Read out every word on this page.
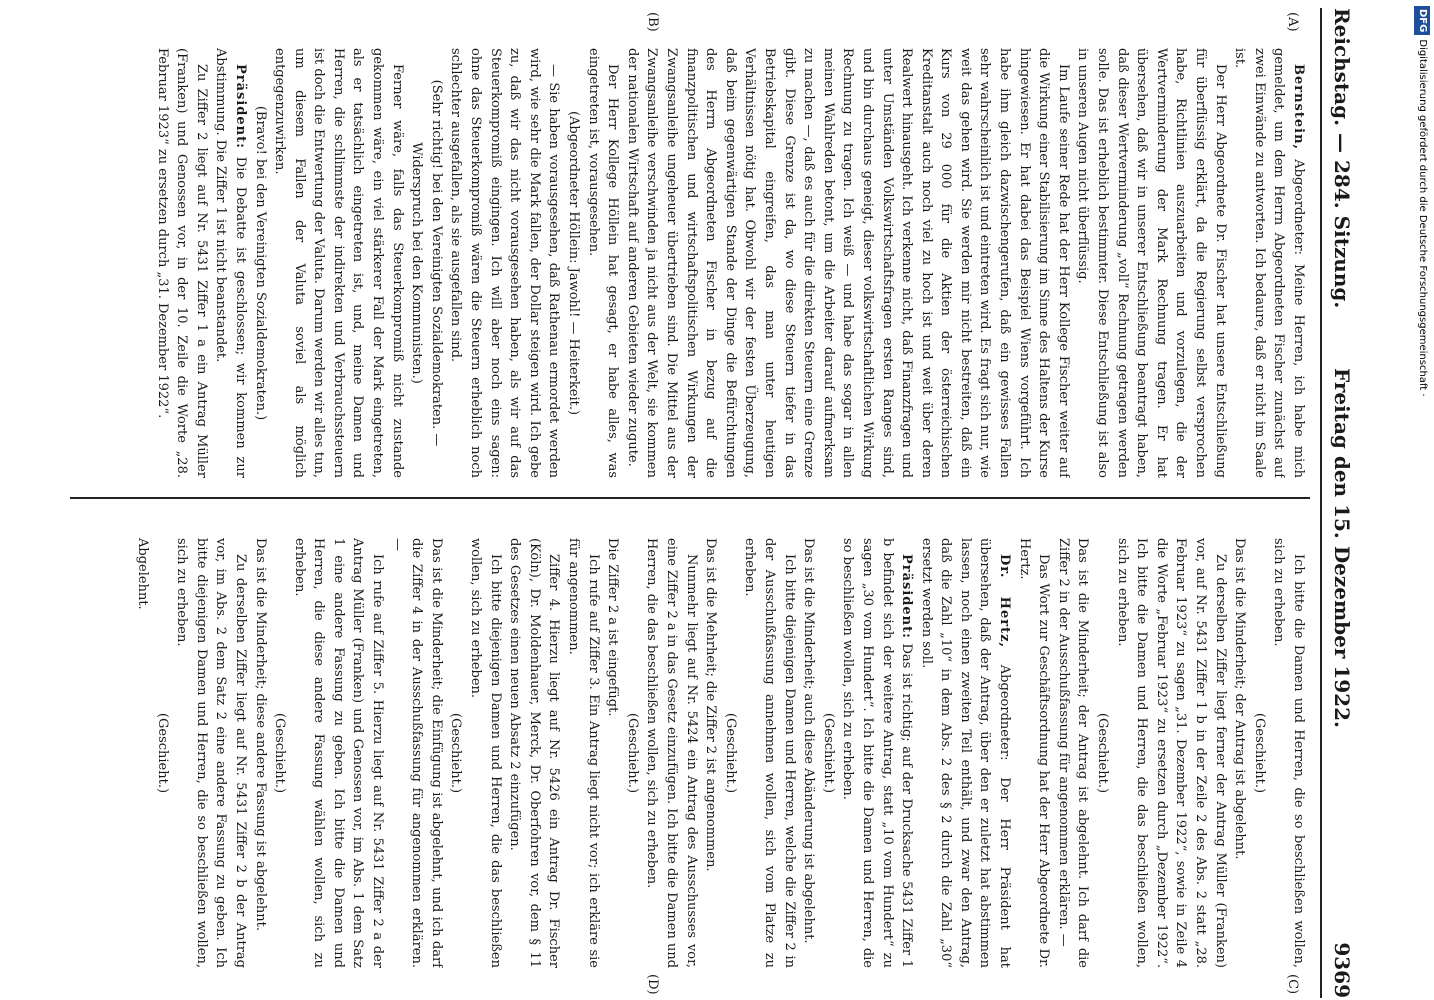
Reichstag. — 284. Sitzung.
Freitag den 15. Dezember 1922.
9369

Bernstein, Abgeordneter: Meine Herren, ich habe mich gemeldet, um dem Herrn Abgeordneten Fischer zunächst auf zwei Einwände zu antworten. Ich bedaure, daß er nicht im Saale ist.

Der Herr Abgeordnete Dr. Fischer hat unsere Entschließung für überflüssig erklärt, da die Regierung selbst versprochen habe, Richtlinien auszuarbeiten und vorzulegen, die der Wertverminderung der Mark Rechnung tragen. Er hat übersehen, daß wir in unserer Entschließung beantragt haben, daß dieser Wertverminderung „voll“ Rechnung getragen werden solle. Das ist erheblich bestimmter. Diese Entschließung ist also in unseren Augen nicht überflüssig.

Im Laufe seiner Rede hat der Herr Kollege Fischer weiter auf die Wirkung einer Stabilisierung im Sinne des Haltens der Kurse hingewiesen. Er hat dabei das Beispiel Wiens vorgeführt. Ich habe ihm gleich dazwischengerufen, daß ein gewisses Fallen sehr wahrscheinlich ist und eintreten wird. Es fragt sich nur, wie weit das gehen wird. Sie werden mir nicht bestreiten, daß ein Kurs von 29 000 für die Aktien der österreichischen Kreditanstalt auch noch viel zu hoch ist und weit über deren Realwert hinausgeht. Ich verkenne nicht, daß Finanzfragen und unter Umständen Volkswirtschaftsfragen ersten Ranges sind, und bin durchaus geneigt, dieser volkswirtschaftlichen Wirkung Rechnung zu tragen. Ich weiß — und habe das sogar in allen meinen Wahlreden betont, um die Arbeiter darauf aufmerksam zu machen —, daß es auch für die direkten Steuern eine Grenze gibt. Diese Grenze ist da, wo diese Steuern tiefer in das Betriebskapital eingreifen, das man unter heutigen Verhältnissen nötig hat. Obwohl wir der festen Überzeugung, daß beim gegenwärtigen Stande der Dinge die Befürchtungen des Herrn Abgeordneten Fischer in bezug auf die finanzpolitischen und wirtschaftspolitischen Wirkungen der Zwangsanleihe ungeheuer übertrieben sind. Die Mittel aus der Zwangsanleihe verschwinden ja nicht aus der Welt, sie kommen der nationalen Wirtschaft auf anderen Gebieten wieder zugute.

Der Herr Kollege Höllein hat gesagt, er habe alles, was eingetreten ist, vorausgesehen.

(Abgeordneter Höllein: Jawohl! — Heiterkeit.)

— Sie haben vorausgesehen, daß Rathenau ermordet werden wird, wie sehr die Mark fallen, der Dollar steigen wird. Ich gebe zu, daß wir das nicht vorausgesehen haben, als wir auf das Steuerkompromiß eingingen. Ich will aber noch eins sagen: ohne das Steuerkompromiß wären die Steuern erheblich noch schlechter ausgefallen, als sie ausgefallen sind.

(Sehr richtig! bei den Vereinigten Sozialdemokraten. — Widerspruch bei den Kommunisten.)

Ferner wäre, falls das Steuerkompromiß nicht zustande gekommen wäre, ein viel stärkerer Fall der Mark eingetreten, als er tatsächlich eingetreten ist, und, meine Damen und Herren, die schlimmste der indirekten und Verbrauchssteuern ist doch die Entwertung der Valuta. Darum werden wir alles tun, um diesem Fallen der Valuta soviel als möglich entgegenzuwirken.

(Bravo! bei den Vereinigten Sozialdemokraten.)

Präsident: Die Debatte ist geschlossen; wir kommen zur Abstimmung. Die Ziffer 1 ist nicht beanstandet.

Zu Ziffer 2 liegt auf Nr. 5431 Ziffer 1 a ein Antrag Müller (Franken) und Genossen vor, in der 10. Zeile die Worte „28. Februar 1923“ zu ersetzen durch „31. Dezember 1922“.

Ich bitte die Damen und Herren, die so beschließen wollen, sich zu erheben.

(Geschieht.)

Das ist die Minderheit; der Antrag ist abgelehnt.

Zu derselben Ziffer liegt ferner der Antrag Müller (Franken) vor, auf Nr. 5431 Ziffer 1 b in der Zeile 2 des Abs. 2 statt „28. Februar 1923“ zu sagen „31. Dezember 1922“, sowie in Zeile 4 die Worte „Februar 1923“ zu ersetzen durch „Dezember 1922“. Ich bitte die Damen und Herren, die das beschließen wollen, sich zu erheben.

(Geschieht.)

Das ist die Minderheit; der Antrag ist abgelehnt. Ich darf die Ziffer 2 in der Ausschußfassung für angenommen erklären. —

Das Wort zur Geschäftsordnung hat der Herr Abgeordnete Dr. Hertz.

Dr. Hertz, Abgeordneter: Der Herr Präsident hat übersehen, daß der Antrag, über den er zuletzt hat abstimmen lassen, noch einen zweiten Teil enthält, und zwar den Antrag, daß die Zahl „10“ in dem Abs. 2 des § 2 durch die Zahl „30“ ersetzt werden soll.

Präsident: Das ist richtig; auf der Drucksache 5431 Ziffer 1 b befindet sich der weitere Antrag, statt „10 vom Hundert“ zu sagen „30 vom Hundert“. Ich bitte die Damen und Herren, die so beschließen wollen, sich zu erheben.

(Geschieht.)

Das ist die Minderheit; auch diese Abänderung ist abgelehnt.

Ich bitte diejenigen Damen und Herren, welche die Ziffer 2 in der Ausschußfassung annehmen wollen, sich vom Platze zu erheben.

(Geschieht.)

Das ist die Mehrheit; die Ziffer 2 ist angenommen.

Nunmehr liegt auf Nr. 5424 ein Antrag des Ausschusses vor, eine Ziffer 2 a in das Gesetz einzufügen. Ich bitte die Damen und Herren, die das beschließen wollen, sich zu erheben.

(Geschieht.)

Die Ziffer 2 a ist eingefügt.

Ich rufe auf Ziffer 3. Ein Antrag liegt nicht vor; ich erkläre sie für angenommen.

Ziffer 4. Hierzu liegt auf Nr. 5426 ein Antrag Dr. Fischer (Köln), Dr. Moldenhauer, Merck, Dr. Oberfohren vor, dem § 11 des Gesetzes einen neuen Absatz 2 einzufügen.

Ich bitte diejenigen Damen und Herren, die das beschließen wollen, sich zu erheben.

(Geschieht.)

Das ist die Minderheit; die Einfügung ist abgelehnt, und ich darf die Ziffer 4 in der Ausschußfassung für angenommen erklären. —

Ich rufe auf Ziffer 5. Hierzu liegt auf Nr. 5431 Ziffer 2 a der Antrag Müller (Franken) und Genossen vor, im Abs. 1 dem Satz 1 eine andere Fassung zu geben. Ich bitte die Damen und Herren, die diese andere Fassung wählen wollen, sich zu erheben.

(Geschieht.)

Das ist die Minderheit; diese andere Fassung ist abgelehnt.

Zu derselben Ziffer liegt auf Nr. 5431 Ziffer 2 b der Antrag vor, im Abs. 2 dem Satz 2 eine andere Fassung zu geben. Ich bitte diejenigen Damen und Herren, die so beschließen wollen, sich zu erheben.

(Geschieht.)

Abgelehnt.

(A)
(B)
(C)
(D)
DFGDigitalisierung gefördert durch die Deutsche Forschungsgemeinschaft ·
